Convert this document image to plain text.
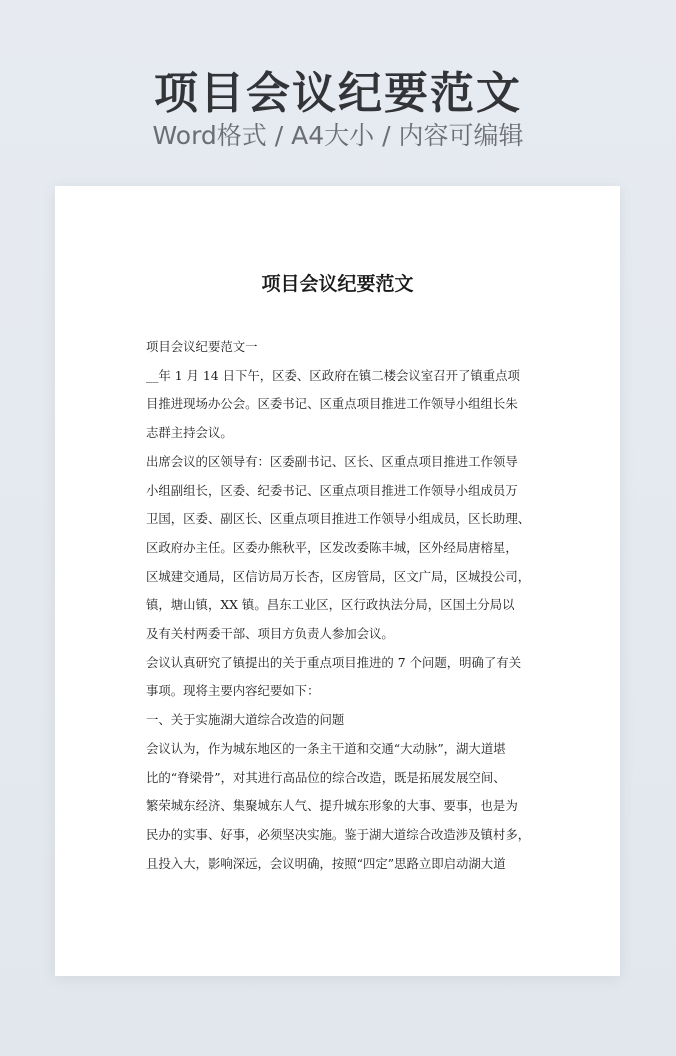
项目会议纪要范文
Word格式 / A4大小 / 内容可编辑
项目会议纪要范文

项目会议纪要范文一

__年 1 月 14 日下午，区委、区政府在镇二楼会议室召开了镇重点项

目推进现场办公会。区委书记、区重点项目推进工作领导小组组长朱

志群主持会议。

出席会议的区领导有：区委副书记、区长、区重点项目推进工作领导

小组副组长，区委、纪委书记、区重点项目推进工作领导小组成员万

卫国，区委、副区长、区重点项目推进工作领导小组成员，区长助理、

区政府办主任。区委办熊秋平，区发改委陈丰城，区外经局唐榕星，

区城建交通局，区信访局万长杏，区房管局，区文广局，区城投公司，

镇，塘山镇，XX 镇。昌东工业区，区行政执法分局，区国土分局以

及有关村两委干部、项目方负责人参加会议。

会议认真研究了镇提出的关于重点项目推进的 7 个问题，明确了有关

事项。现将主要内容纪要如下：

一、关于实施湖大道综合改造的问题

会议认为，作为城东地区的一条主干道和交通“大动脉”，湖大道堪

比的“脊梁骨”，对其进行高品位的综合改造，既是拓展发展空间、

繁荣城东经济、集聚城东人气、提升城东形象的大事、要事，也是为

民办的实事、好事，必须坚决实施。鉴于湖大道综合改造涉及镇村多，

且投入大，影响深远，会议明确，按照“四定”思路立即启动湖大道
